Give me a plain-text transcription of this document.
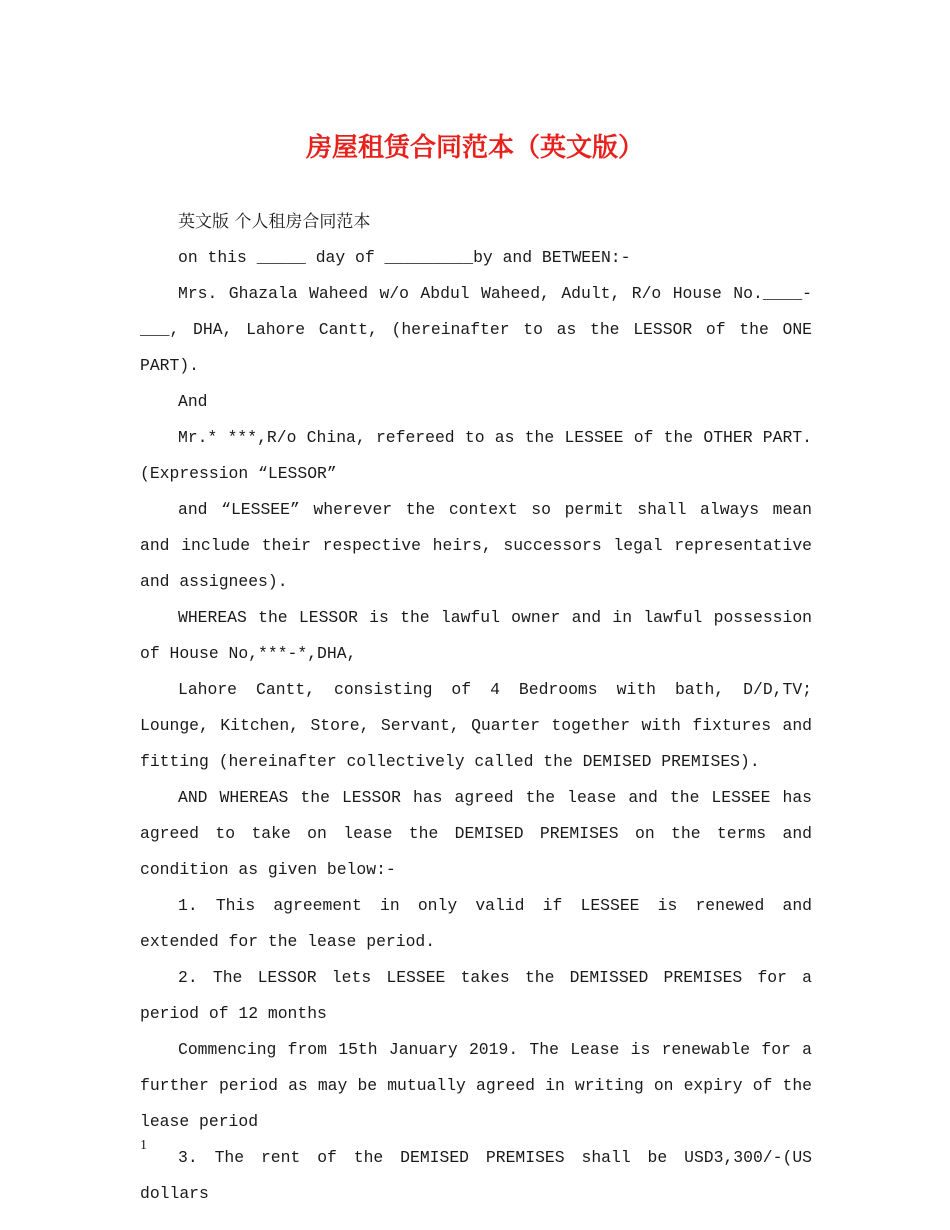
房屋租赁合同范本（英文版）

英文版 个人租房合同范本

on this _____ day of _________by and BETWEEN:-

Mrs. Ghazala Waheed w/o Abdul Waheed, Adult, R/o House No.____-___, DHA, Lahore Cantt, (hereinafter to as the LESSOR of the ONE PART).

And

Mr.* ***,R/o China, refereed to as the LESSEE of the OTHER PART. (Expression “LESSOR”

and “LESSEE” wherever the context so permit shall always mean and include their respective heirs, successors legal representative and assignees).

WHEREAS the LESSOR is the lawful owner and in lawful possession of House No,***-*,DHA,

Lahore Cantt, consisting of 4 Bedrooms with bath, D/D,TV; Lounge, Kitchen, Store, Servant, Quarter together with fixtures and fitting (hereinafter collectively called the DEMISED PREMISES).

AND WHEREAS the LESSOR has agreed the lease and the LESSEE has agreed to take on lease the DEMISED PREMISES on the terms and condition as given below:-

1. This agreement in only valid if LESSEE is renewed and extended for the lease period.

2. The LESSOR lets LESSEE takes the DEMISSED PREMISES for a period of 12 months

Commencing from 15th January 2019. The Lease is renewable for a further period as may be mutually agreed in writing on expiry of the lease period

3. The rent of the DEMISED PREMISES shall be USD3,300/-(US dollars

1
